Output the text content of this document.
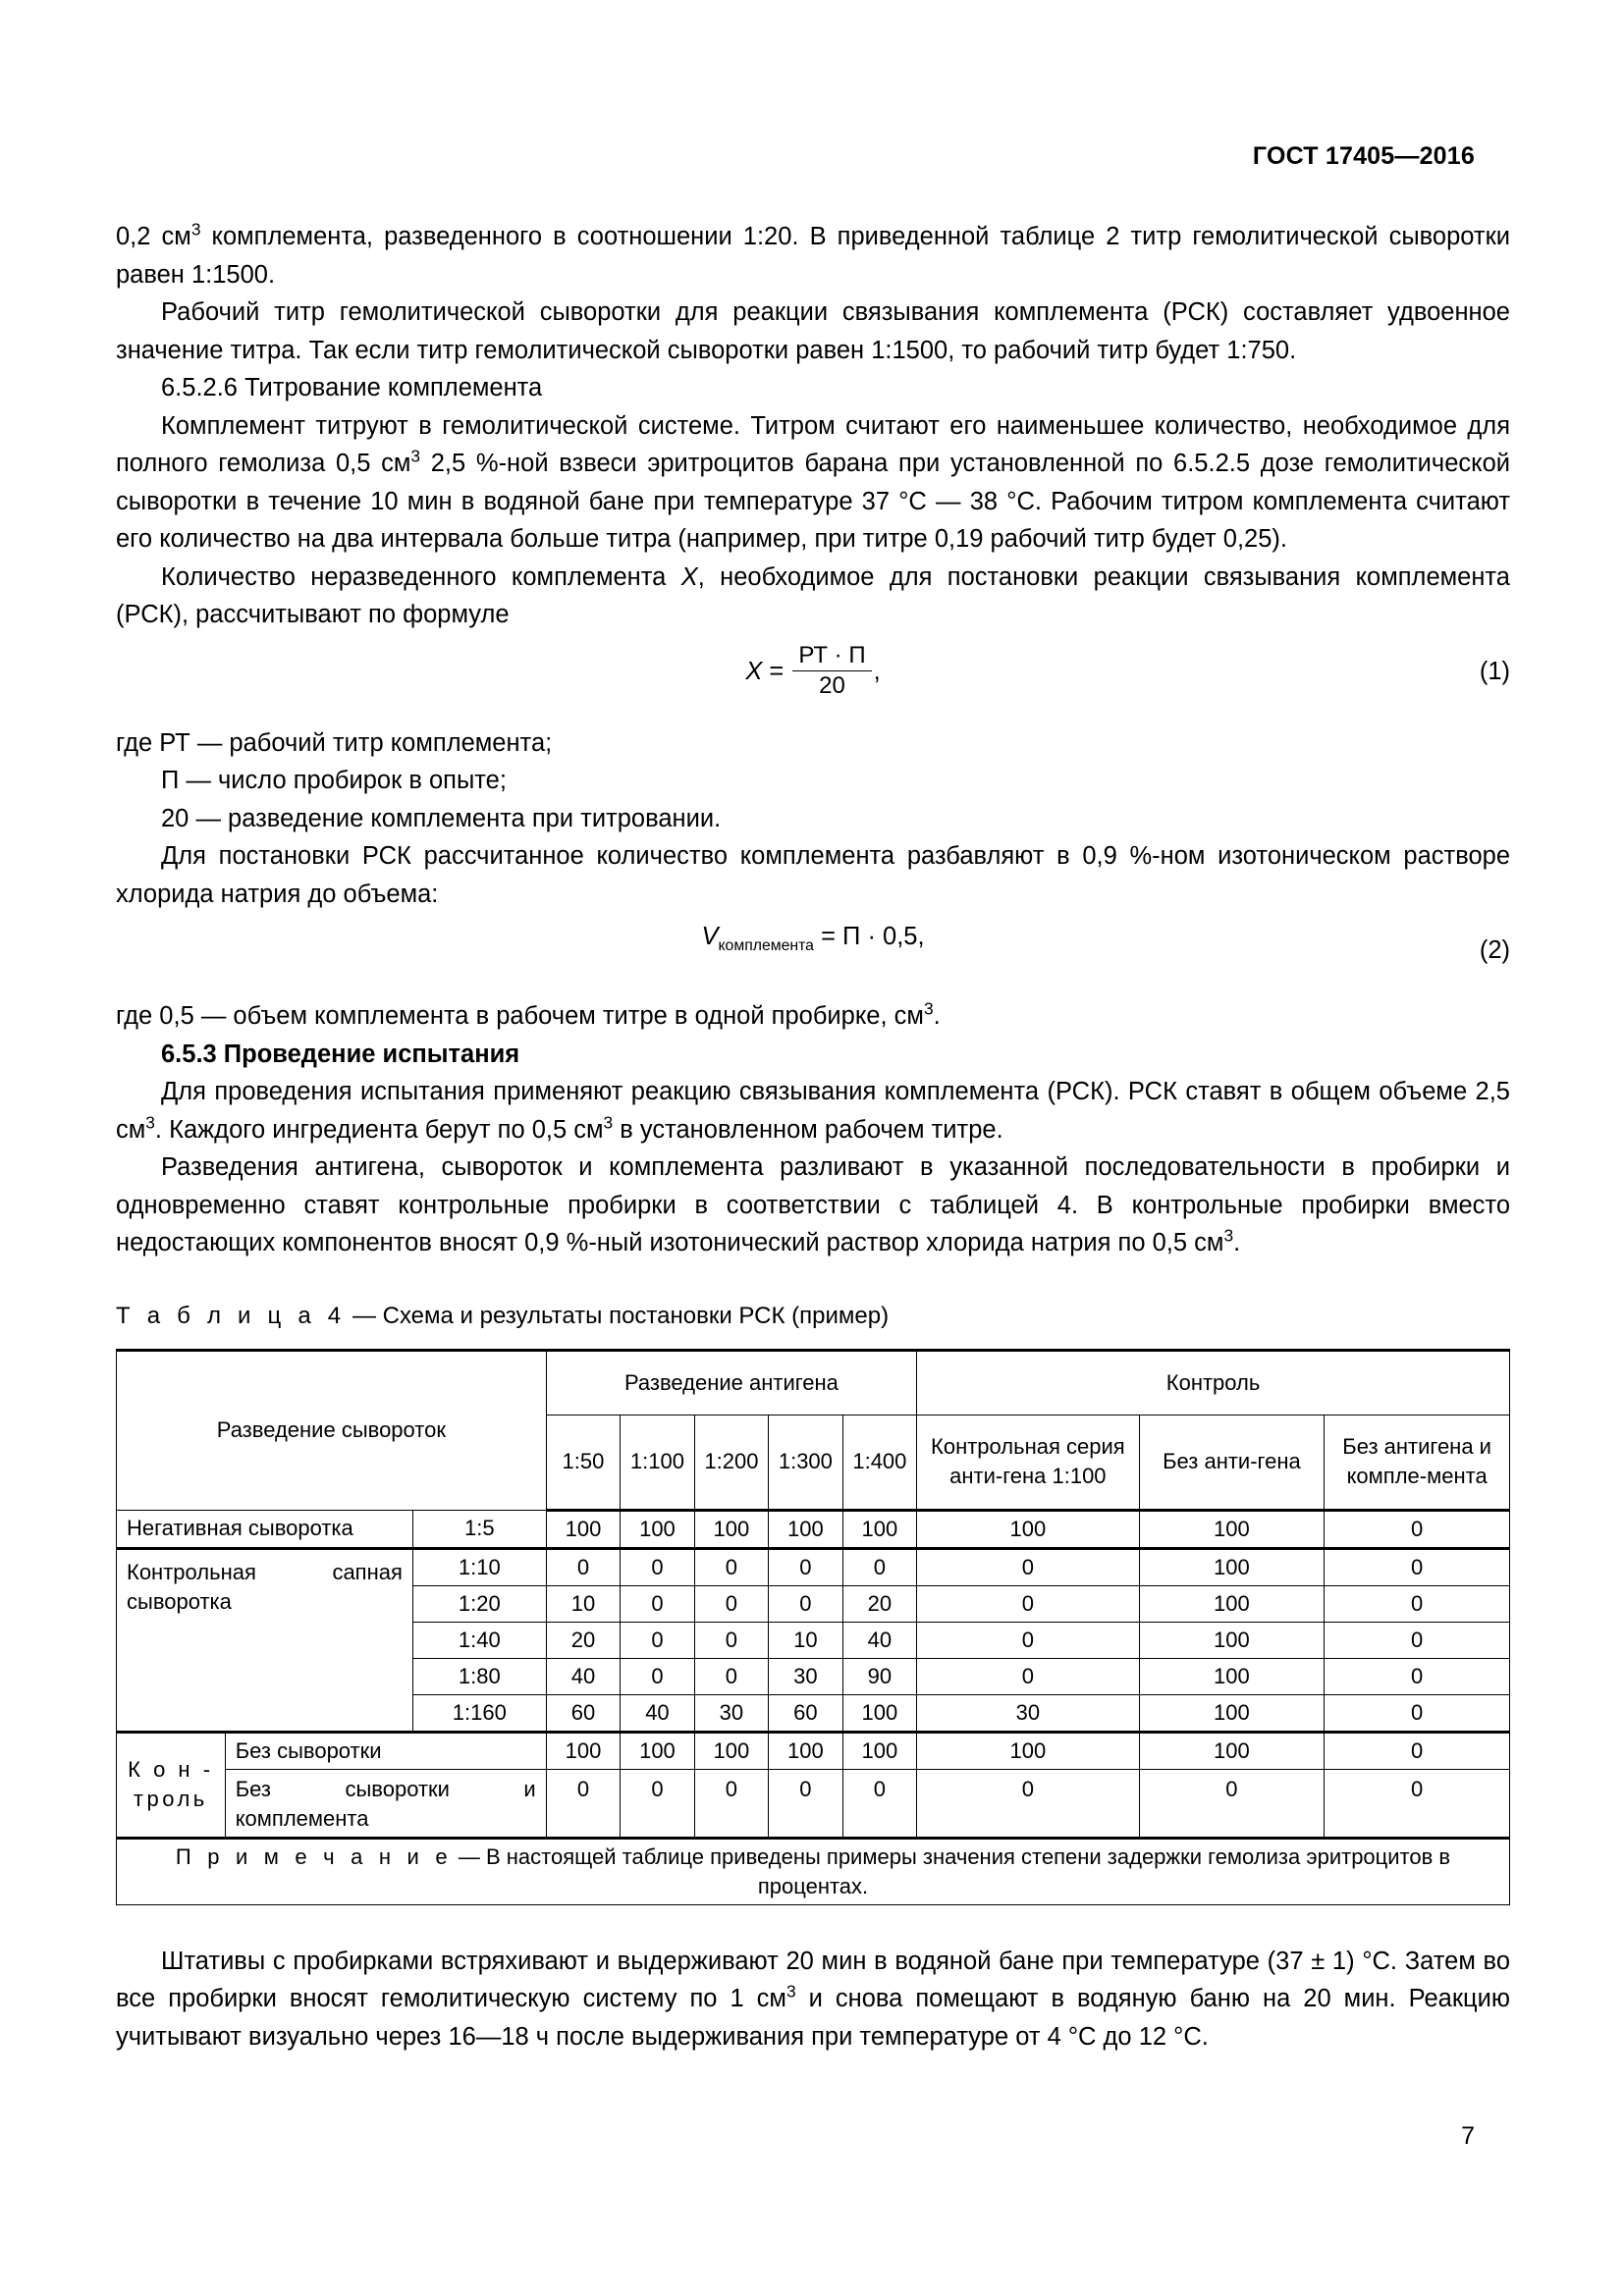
ГОСТ 17405—2016

0,2 $см^3$ комплемента, разведенного в соотношении 1:20. В приведенной таблице 2 титр гемолитической сыворотки равен 1:1500.

Рабочий титр гемолитической сыворотки для реакции связывания комплемента (РСК) составляет удвоенное значение титра. Так если титр гемолитической сыворотки равен 1:1500, то рабочий титр будет 1:750.

6.5.2.6 Титрование комплемента

Комплемент титруют в гемолитической системе. Титром считают его наименьшее количество, необходимое для полного гемолиза 0,5 $см^3$ 2,5 %-ной взвеси эритроцитов барана при установленной по 6.5.2.5 дозе гемолитической сыворотки в течение 10 мин в водяной бане при температуре 37 °С — 38 °С. Рабочим титром комплемента считают его количество на два интервала больше титра (например, при титре 0,19 рабочий титр будет 0,25).

Количество неразведенного комплемента X, необходимое для постановки реакции связывания комплемента (РСК), рассчитывают по формуле

$X = \frac{РТ \cdot П}{20}$ ,	(1)
где РТ — рабочий титр комплемента;
П — число пробирок в опыте;
20 — разведение комплемента при титровании.

Для постановки РСК рассчитанное количество комплемента разбавляют в 0,9 %-ном изотоническом растворе хлорида натрия до объема:

$V_{комплемента} = П \cdot 0,5$,	(2)

где 0,5 — объем комплемента в рабочем титре в одной пробирке, $см^3$.

6.5.3 Проведение испытания

Для проведения испытания применяют реакцию связывания комплемента (РСК). РСК ставят в общем объеме 2,5 $см^3$. Каждого ингредиента берут по 0,5 $см^3$ в установленном рабочем титре.

Разведения антигена, сывороток и комплемента разливают в указанной последовательности в пробирки и одновременно ставят контрольные пробирки в соответствии с таблицей 4. В контрольные пробирки вместо недостающих компонентов вносят 0,9 %-ный изотонический раствор хлорида натрия по 0,5 $см^3$.

Т а б л и ц а 4 — Схема и результаты постановки РСК (пример)

Разведение сывороток			Разведение антигена					Контроль		
			1:50	1:100	1:200	1:300	1:400	Контрольная серия анти-гена 1:100	Без анти-гена	Без антигена и компле-мента
Негативная сыворотка		1:5	100	100	100	100	100	100	100	0
Контрольная сапная сыворотка		1:10	0	0	0	0	0	0	100	0
		1:20	10	0	0	0	20	0	100	0
		1:40	20	0	0	10	40	0	100	0
		1:80	40	0	0	30	90	0	100	0
		1:160	60	40	30	60	100	30	100	0
К о н - троль	Без сыворотки		100	100	100	100	100	100	100	0
	Без сыворотки и комплемента		0	0	0	0	0	0	0	0

П р и м е ч а н и е — В настоящей таблице приведены примеры значения степени задержки гемолиза эритроцитов в процентах.										

Штативы с пробирками встряхивают и выдерживают 20 мин в водяной бане при температуре (37 ± 1) °С. Затем во все пробирки вносят гемолитическую систему по 1 $см^3$ и снова помещают в водяную баню на 20 мин. Реакцию учитывают визуально через 16—18 ч после выдерживания при температуре от 4 °С до 12 °С.

7
